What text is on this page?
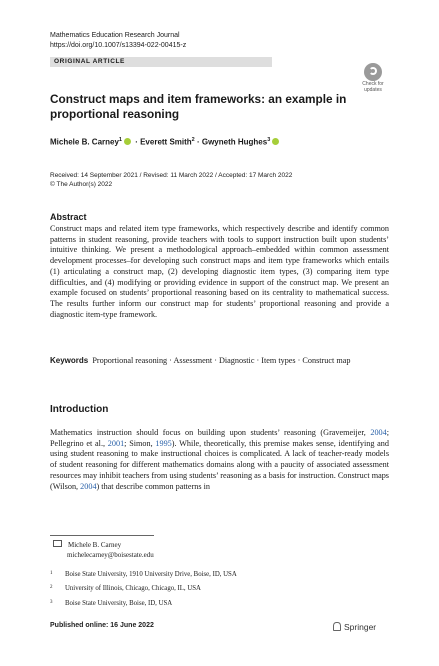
Mathematics Education Research Journal
https://doi.org/10.1007/s13394-022-00415-z
ORIGINAL ARTICLE
Check for updates
Construct maps and item frameworks: an example in proportional reasoning
Michele B. Carney$^1$ · Everett Smith$^2$ · Gwyneth Hughes$^3$
Received: 14 September 2021 / Revised: 11 March 2022 / Accepted: 17 March 2022
© The Author(s) 2022
Abstract
Construct maps and related item type frameworks, which respectively describe and identify common patterns in student reasoning, provide teachers with tools to support instruction built upon students’ intuitive thinking. We present a methodological approach–embedded within common assessment development processes–for developing such construct maps and item type frameworks which entails (1) articulating a construct map, (2) developing diagnostic item types, (3) comparing item type difficulties, and (4) modifying or providing evidence in support of the construct map. We present an example focused on students’ proportional reasoning based on its centrality to mathematical success. The results further inform our construct map for students’ proportional reasoning and provide a diagnostic item-type framework.
Keywords Proportional reasoning · Assessment · Diagnostic · Item types · Construct map
Introduction
Mathematics instruction should focus on building upon students’ reasoning (Gravemeijer, 2004; Pellegrino et al., 2001; Simon, 1995). While, theoretically, this premise makes sense, identifying and using student reasoning to make instructional choices is complicated. A lack of teacher-ready models of student reasoning for different mathematics domains along with a paucity of associated assessment resources may inhibit teachers from using students’ reasoning as a basis for instruction. Construct maps (Wilson, 2004) that describe common patterns in
Michele B. Carney
michelecarney@boisestate.edu
1 Boise State University, 1910 University Drive, Boise, ID, USA
2 University of Illinois, Chicago, Chicago, IL, USA
3 Boise State University, Boise, ID, USA
Published online: 16 June 2022	Springer
